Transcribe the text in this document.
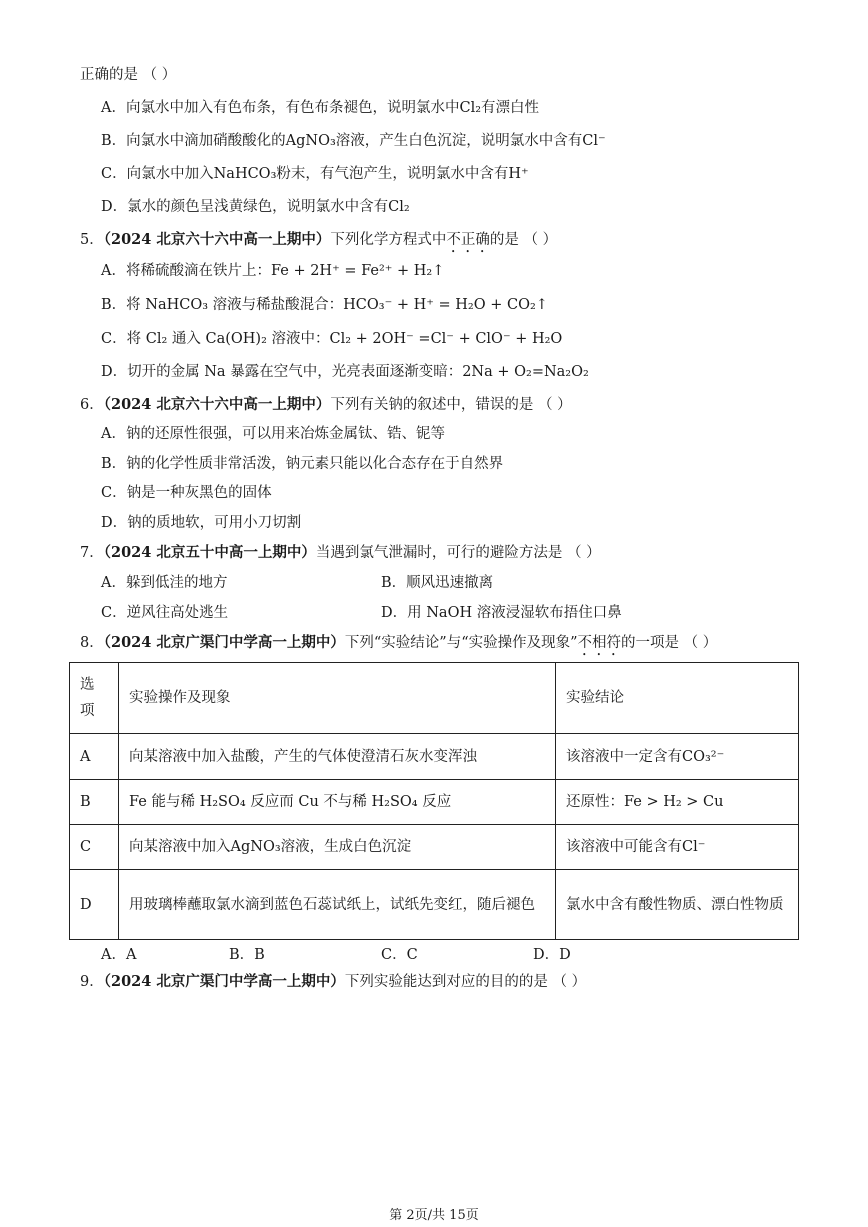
正确的是 （ ）
A．向氯水中加入有色布条，有色布条褪色，说明氯水中Cl₂有漂白性
B．向氯水中滴加硝酸酸化的AgNO₃溶液，产生白色沉淀，说明氯水中含有Cl⁻
C．向氯水中加入NaHCO₃粉末，有气泡产生，说明氯水中含有H⁺
D．氯水的颜色呈浅黄绿色，说明氯水中含有Cl₂
5．（2024 北京六十六中高一上期中）下列化学方程式中不正确的是 （ ）
A．将稀硫酸滴在铁片上：Fe + 2H⁺ = Fe²⁺ + H₂↑
B．将 NaHCO₃ 溶液与稀盐酸混合：HCO₃⁻ + H⁺ = H₂O + CO₂↑
C．将 Cl₂ 通入 Ca(OH)₂ 溶液中：Cl₂ + 2OH⁻ =Cl⁻ + ClO⁻ + H₂O
D．切开的金属 Na 暴露在空气中，光亮表面逐渐变暗：2Na + O₂=Na₂O₂
6．（2024 北京六十六中高一上期中）下列有关钠的叙述中，错误的是 （ ）
A．钠的还原性很强，可以用来冶炼金属钛、锆、铌等
B．钠的化学性质非常活泼，钠元素只能以化合态存在于自然界
C．钠是一种灰黑色的固体
D．钠的质地软，可用小刀切割
7．（2024 北京五十中高一上期中）当遇到氯气泄漏时，可行的避险方法是 （ ）
A．躲到低洼的地方	B．顺风迅速撤离
C．逆风往高处逃生	D．用 NaOH 溶液浸湿软布捂住口鼻
8．（2024 北京广渠门中学高一上期中）下列“实验结论”与“实验操作及现象”不相符的一项是 （ ）
选项	实验操作及现象	实验结论
A	向某溶液中加入盐酸，产生的气体使澄清石灰水变浑浊	该溶液中一定含有CO₃²⁻
B	Fe 能与稀 H₂SO₄ 反应而 Cu 不与稀 H₂SO₄ 反应	还原性：Fe > H₂ > Cu
C	向某溶液中加入AgNO₃溶液，生成白色沉淀	该溶液中可能含有Cl⁻
D	用玻璃棒蘸取氯水滴到蓝色石蕊试纸上，试纸先变红，随后褪色	氯水中含有酸性物质、漂白性物质
A．A	B．B	C．C	D．D
9．（2024 北京广渠门中学高一上期中）下列实验能达到对应的目的的是 （ ）
第 2页/共 15页
